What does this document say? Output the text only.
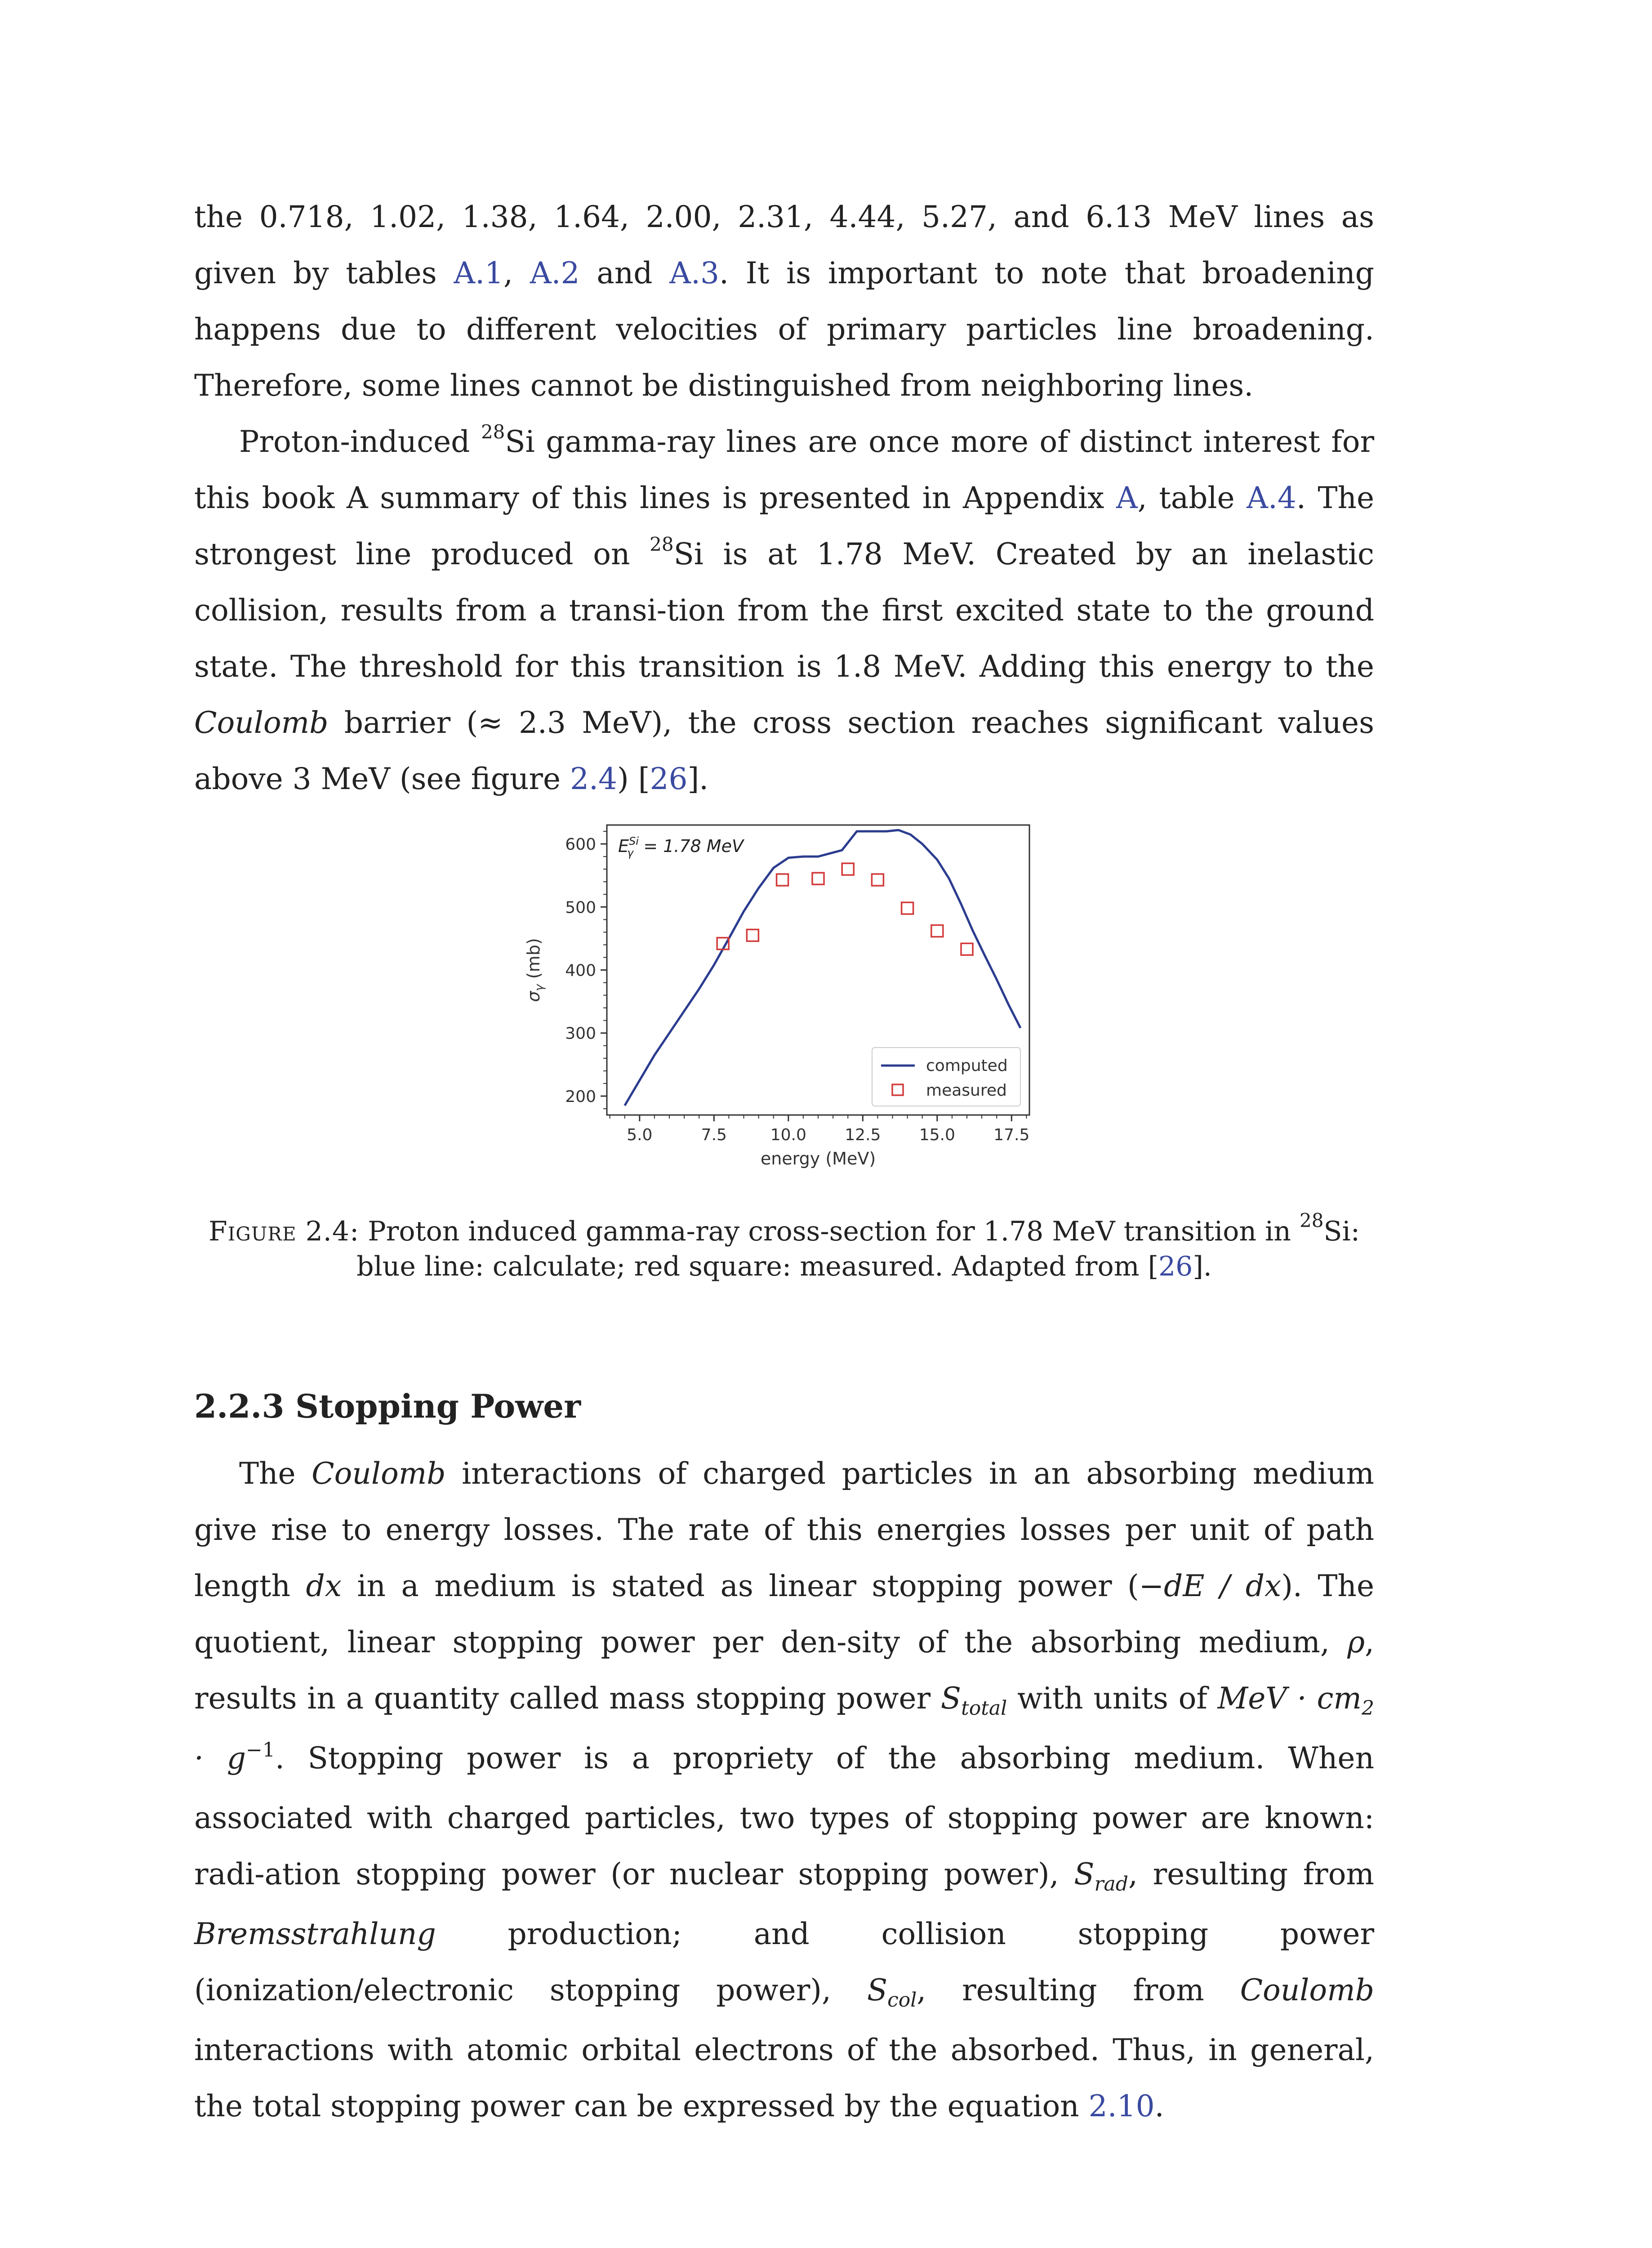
the 0.718, 1.02, 1.38, 1.64, 2.00, 2.31, 4.44, 5.27, and 6.13 MeV lines as given by tables A.1, A.2 and A.3. It is important to note that broadening happens due to different velocities of primary particles line broadening. Therefore, some lines cannot be distinguished from neighboring lines.

Proton-induced $^{28}$Si gamma-ray lines are once more of distinct interest for this book A summary of this lines is presented in Appendix A, table A.4. The strongest line produced on $^{28}$Si is at 1.78 MeV. Created by an inelastic collision, results from a transi-tion from the first excited state to the ground state. The threshold for this transition is 1.8 MeV. Adding this energy to the Coulomb barrier (≈ 2.3 MeV), the cross section reaches significant values above 3 MeV (see figure 2.4) [26].

5.0	7.5	10.0 12.5 15.0 17.5
200
300
400
500
600
energy (MeV)
$\sigma_\gamma$ (mb)
$E^{Si}$ γ = 1.78 MeV
computed
measured

Figure 2.4: Proton induced gamma-ray cross-section for 1.78 MeV transition in $^{28}$Si: blue line: calculate; red square: measured. Adapted from [26].

2.2.3 Stopping Power

The Coulomb interactions of charged particles in an absorbing medium give rise to energy losses. The rate of this energies losses per unit of path length dx in a medium is stated as linear stopping power (−dE / dx). The quotient, linear stopping power per den-sity of the absorbing medium, ρ, results in a quantity called mass stopping power $S_{total}$ with units of MeV · $cm_2 \cdot g^{-1}$. Stopping power is a propriety of the absorbing medium. When associated with charged particles, two types of stopping power are known: radi-ation stopping power (or nuclear stopping power), $S_{rad}$, resulting from Bremsstrahlung production; and collision stopping power (ionization/electronic stopping power), $S_{col}$, resulting from Coulomb interactions with atomic orbital electrons of the absorbed. Thus, in general, the total stopping power can be expressed by the equation 2.10.
